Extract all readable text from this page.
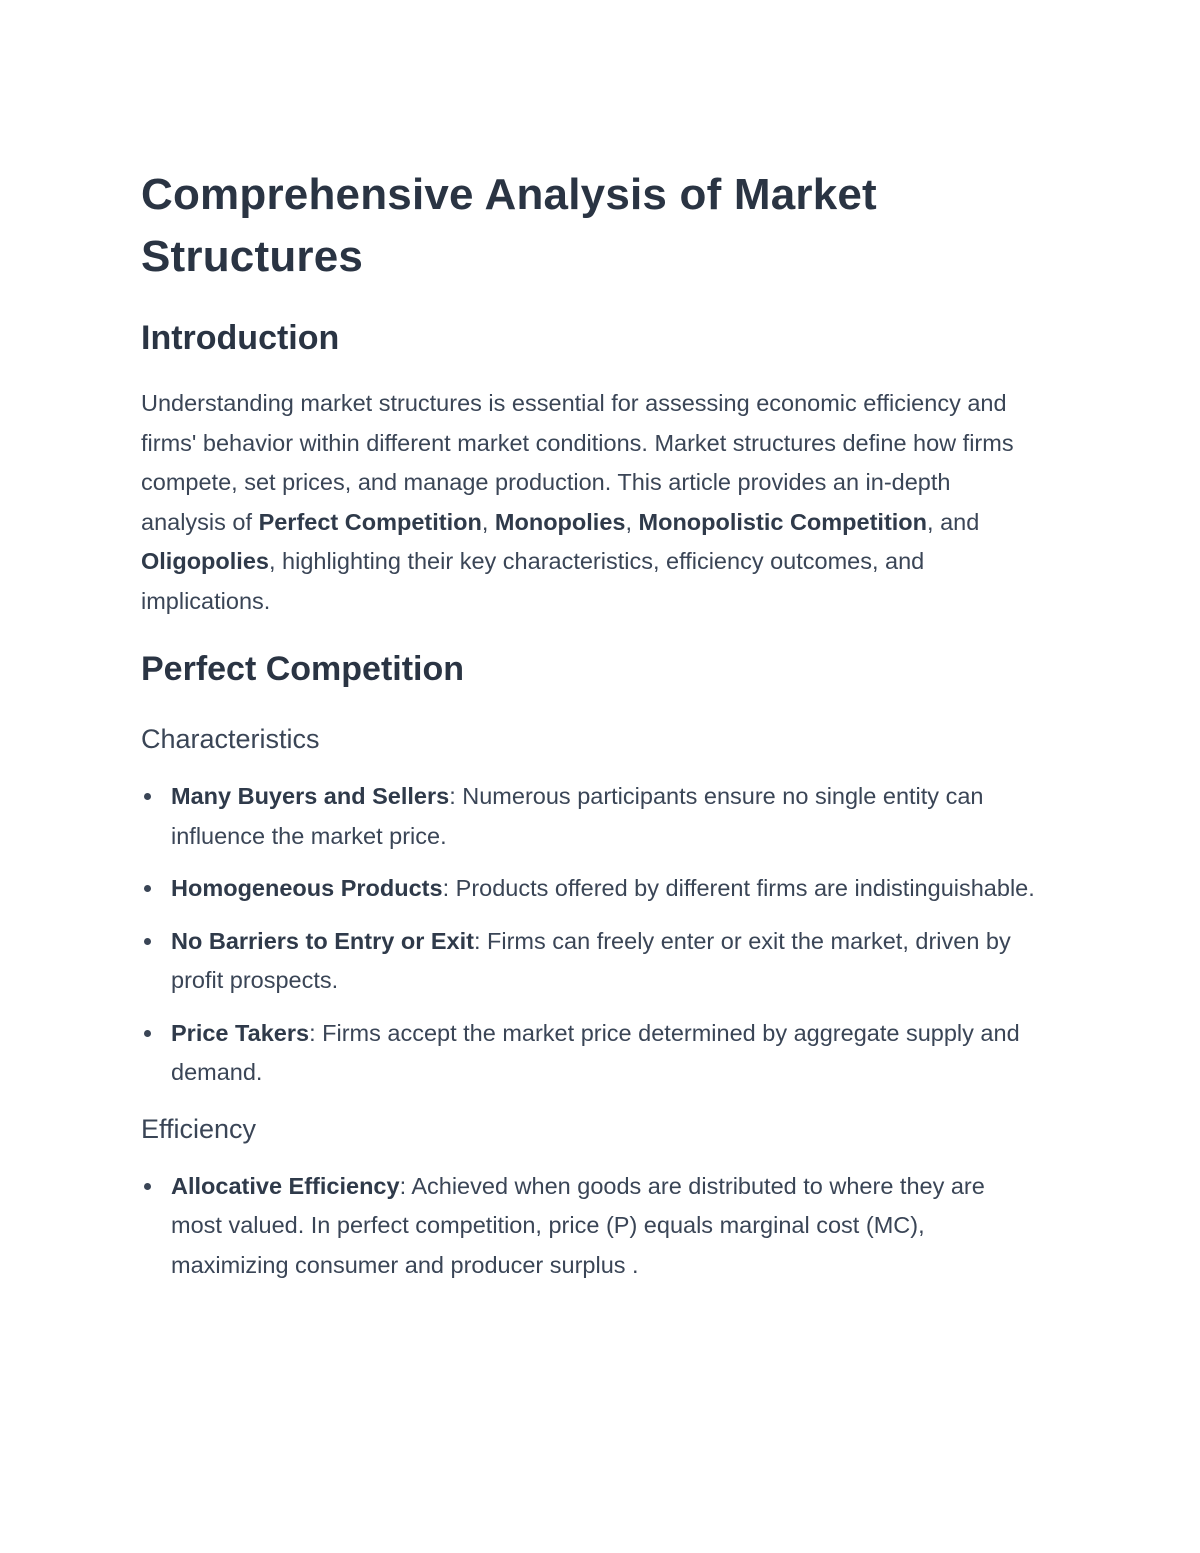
Comprehensive Analysis of Market Structures
Introduction

Understanding market structures is essential for assessing economic efficiency and firms' behavior within different market conditions. Market structures define how firms compete, set prices, and manage production. This article provides an in-depth analysis of Perfect Competition, Monopolies, Monopolistic Competition, and Oligopolies, highlighting their key characteristics, efficiency outcomes, and implications.

Perfect Competition
Characteristics
Many Buyers and Sellers: Numerous participants ensure no single entity can influence the market price.
Homogeneous Products: Products offered by different firms are indistinguishable.
No Barriers to Entry or Exit: Firms can freely enter or exit the market, driven by profit prospects.
Price Takers: Firms accept the market price determined by aggregate supply and demand.
Efficiency
Allocative Efficiency: Achieved when goods are distributed to where they are most valued. In perfect competition, price (P) equals marginal cost (MC), maximizing consumer and producer surplus .
